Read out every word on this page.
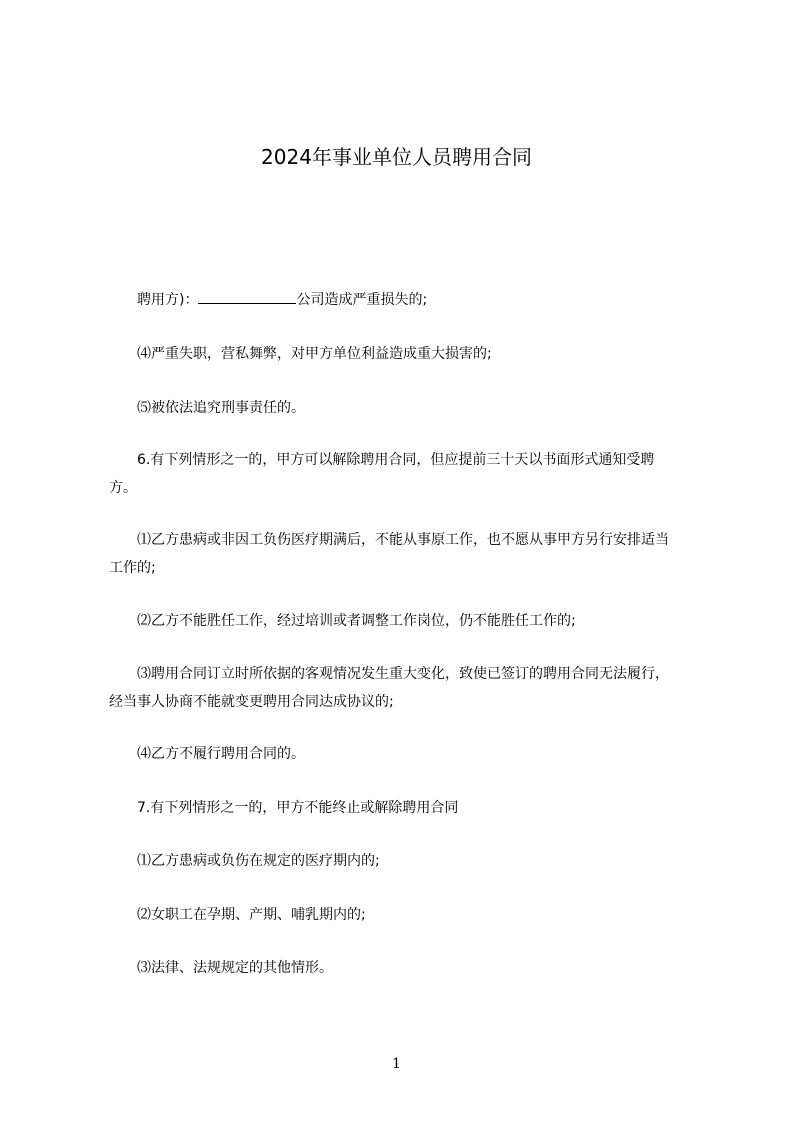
2024年事业单位人员聘用合同

聘用方)：	公司造成严重损失的;

⑷严重失职，营私舞弊，对甲方单位利益造成重大损害的;

⑸被依法追究刑事责任的。

6.有下列情形之一的，甲方可以解除聘用合同，但应提前三十天以书面形式通知受聘方。

⑴乙方患病或非因工负伤医疗期满后，不能从事原工作，也不愿从事甲方另行安排适当工作的;

⑵乙方不能胜任工作，经过培训或者调整工作岗位，仍不能胜任工作的;

⑶聘用合同订立时所依据的客观情况发生重大变化，致使已签订的聘用合同无法履行，经当事人协商不能就变更聘用合同达成协议的;

⑷乙方不履行聘用合同的。

7.有下列情形之一的，甲方不能终止或解除聘用合同

⑴乙方患病或负伤在规定的医疗期内的;

⑵女职工在孕期、产期、哺乳期内的;

⑶法律、法规规定的其他情形。

1
